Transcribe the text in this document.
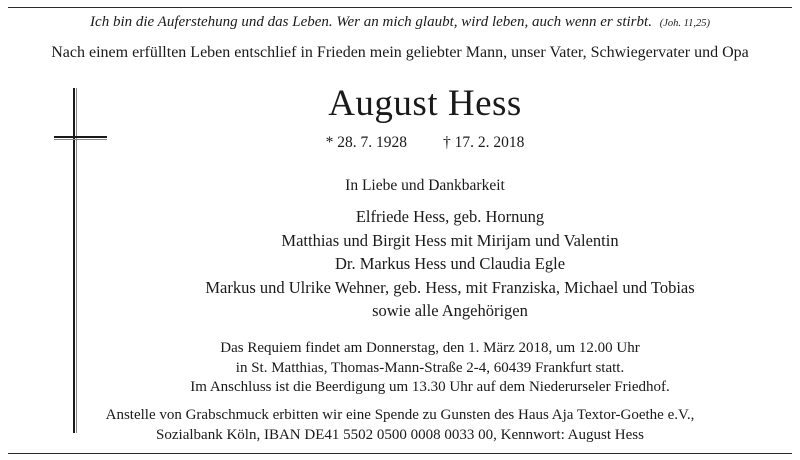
Ich bin die Auferstehung und das Leben. Wer an mich glaubt, wird leben, auch wenn er stirbt. (Joh. 11,25)
Nach einem erfüllten Leben entschlief in Frieden mein geliebter Mann, unser Vater, Schwiegervater und Opa
August Hess
* 28. 7. 1928 † 17. 2. 2018
In Liebe und Dankbarkeit
Elfriede Hess, geb. Hornung
Matthias und Birgit Hess mit Mirijam und Valentin
Dr. Markus Hess und Claudia Egle
Markus und Ulrike Wehner, geb. Hess, mit Franziska, Michael und Tobias
sowie alle Angehörigen
Das Requiem findet am Donnerstag, den 1. März 2018, um 12.00 Uhr
in St. Matthias, Thomas-Mann-Straße 2-4, 60439 Frankfurt statt.
Im Anschluss ist die Beerdigung um 13.30 Uhr auf dem Niederurseler Friedhof.
Anstelle von Grabschmuck erbitten wir eine Spende zu Gunsten des Haus Aja Textor-Goethe e.V.,
Sozialbank Köln, IBAN DE41 5502 0500 0008 0033 00, Kennwort: August Hess
